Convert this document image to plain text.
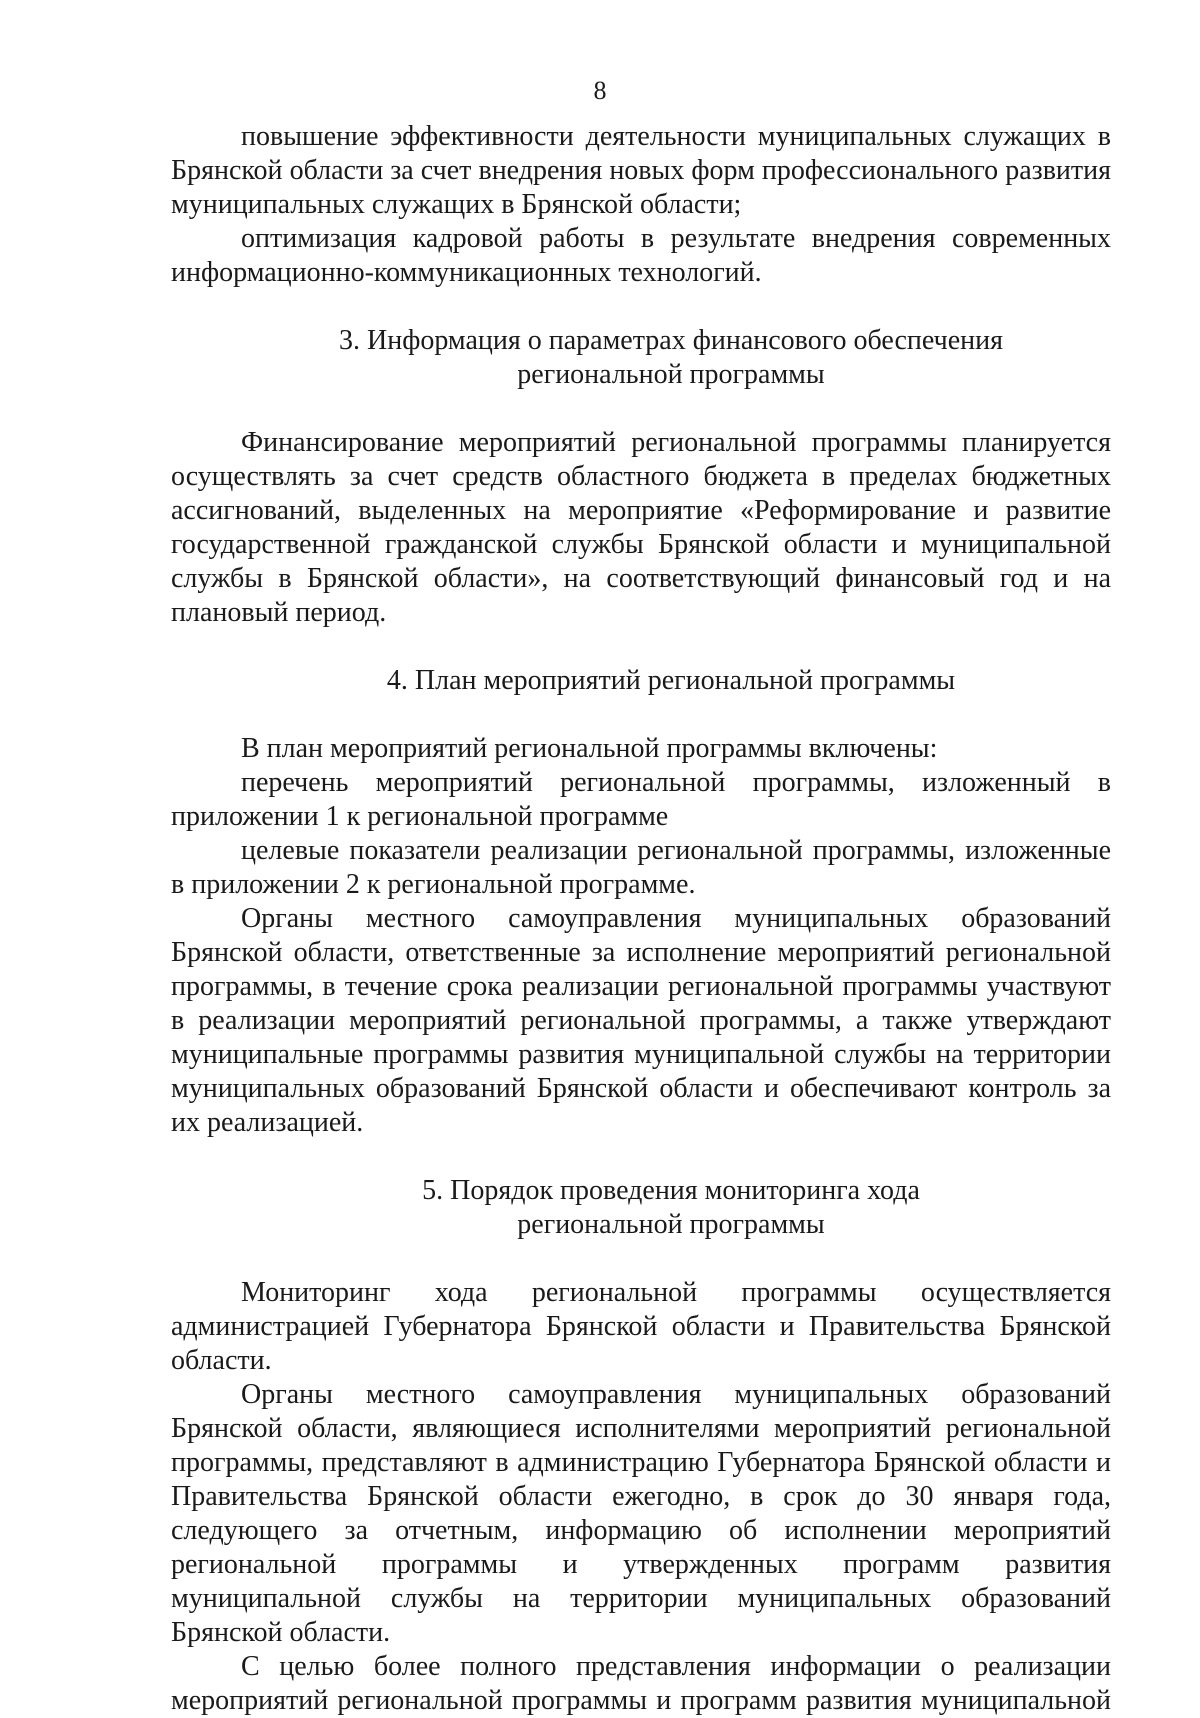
8

повышение эффективности деятельности муниципальных служащих в Брянской области за счет внедрения новых форм профессионального развития муниципальных служащих в Брянской области;

оптимизация кадровой работы в результате внедрения современных информационно-коммуникационных технологий.

3. Информация о параметрах финансового обеспечения
региональной программы

Финансирование мероприятий региональной программы планируется осуществлять за счет средств областного бюджета в пределах бюджетных ассигнований, выделенных на мероприятие «Реформирование и развитие государственной гражданской службы Брянской области и муниципальной службы в Брянской области», на соответствующий финансовый год и на плановый период.

4. План мероприятий региональной программы

В план мероприятий региональной программы включены:

перечень мероприятий региональной программы, изложенный в приложении 1 к региональной программе

целевые показатели реализации региональной программы, изложенные в приложении 2 к региональной программе.

Органы местного самоуправления муниципальных образований Брянской области, ответственные за исполнение мероприятий региональной программы, в течение срока реализации региональной программы участвуют в реализации мероприятий региональной программы, а также утверждают муниципальные программы развития муниципальной службы на территории муниципальных образований Брянской области и обеспечивают контроль за их реализацией.

5. Порядок проведения мониторинга хода
региональной программы

Мониторинг хода региональной программы осуществляется администрацией Губернатора Брянской области и Правительства Брянской области.

Органы местного самоуправления муниципальных образований Брянской области, являющиеся исполнителями мероприятий региональной программы, представляют в администрацию Губернатора Брянской области и Правительства Брянской области ежегодно, в срок до 30 января года, следующего за отчетным, информацию об исполнении мероприятий региональной программы и утвержденных программ развития муниципальной службы на территории муниципальных образований Брянской области.

С целью более полного представления информации о реализации мероприятий региональной программы и программ развития муниципальной
